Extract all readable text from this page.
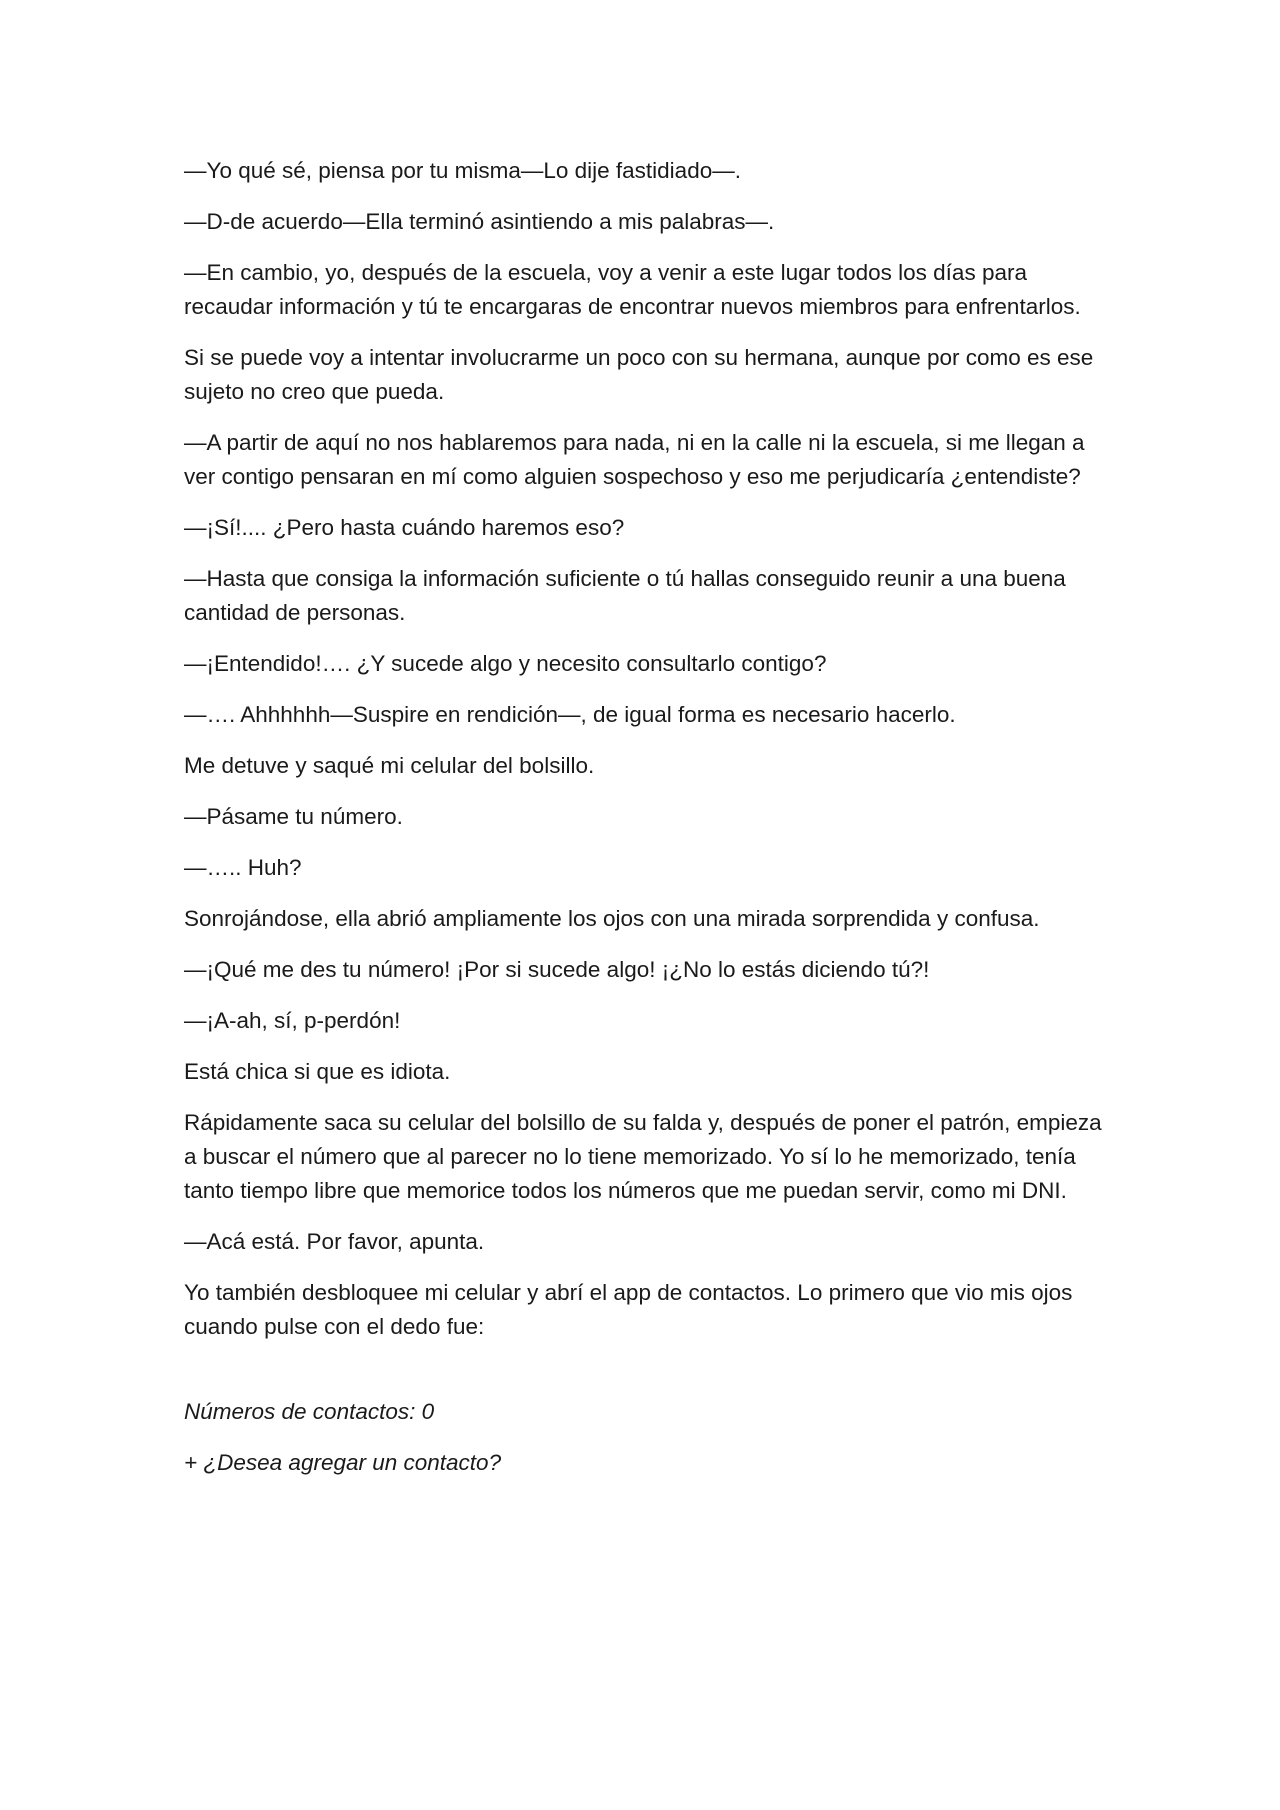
—Yo qué sé, piensa por tu misma—Lo dije fastidiado—.

—D-de acuerdo—Ella terminó asintiendo a mis palabras—.

—En cambio, yo, después de la escuela, voy a venir a este lugar todos los días para recaudar información y tú te encargaras de encontrar nuevos miembros para enfrentarlos.

Si se puede voy a intentar involucrarme un poco con su hermana, aunque por como es ese sujeto no creo que pueda.

—A partir de aquí no nos hablaremos para nada, ni en la calle ni la escuela, si me llegan a ver contigo pensaran en mí como alguien sospechoso y eso me perjudicaría ¿entendiste?

—¡Sí!.... ¿Pero hasta cuándo haremos eso?

—Hasta que consiga la información suficiente o tú hallas conseguido reunir a una buena cantidad de personas.

—¡Entendido!…. ¿Y sucede algo y necesito consultarlo contigo?

—…. Ahhhhhh—Suspire en rendición—, de igual forma es necesario hacerlo.

Me detuve y saqué mi celular del bolsillo.

—Pásame tu número.

—….. Huh?

Sonrojándose, ella abrió ampliamente los ojos con una mirada sorprendida y confusa.

—¡Qué me des tu número! ¡Por si sucede algo! ¡¿No lo estás diciendo tú?!

—¡A-ah, sí, p-perdón!

Está chica si que es idiota.

Rápidamente saca su celular del bolsillo de su falda y, después de poner el patrón, empieza a buscar el número que al parecer no lo tiene memorizado. Yo sí lo he memorizado, tenía tanto tiempo libre que memorice todos los números que me puedan servir, como mi DNI.

—Acá está. Por favor, apunta.

Yo también desbloquee mi celular y abrí el app de contactos. Lo primero que vio mis ojos cuando pulse con el dedo fue:

Números de contactos: 0

+ ¿Desea agregar un contacto?
